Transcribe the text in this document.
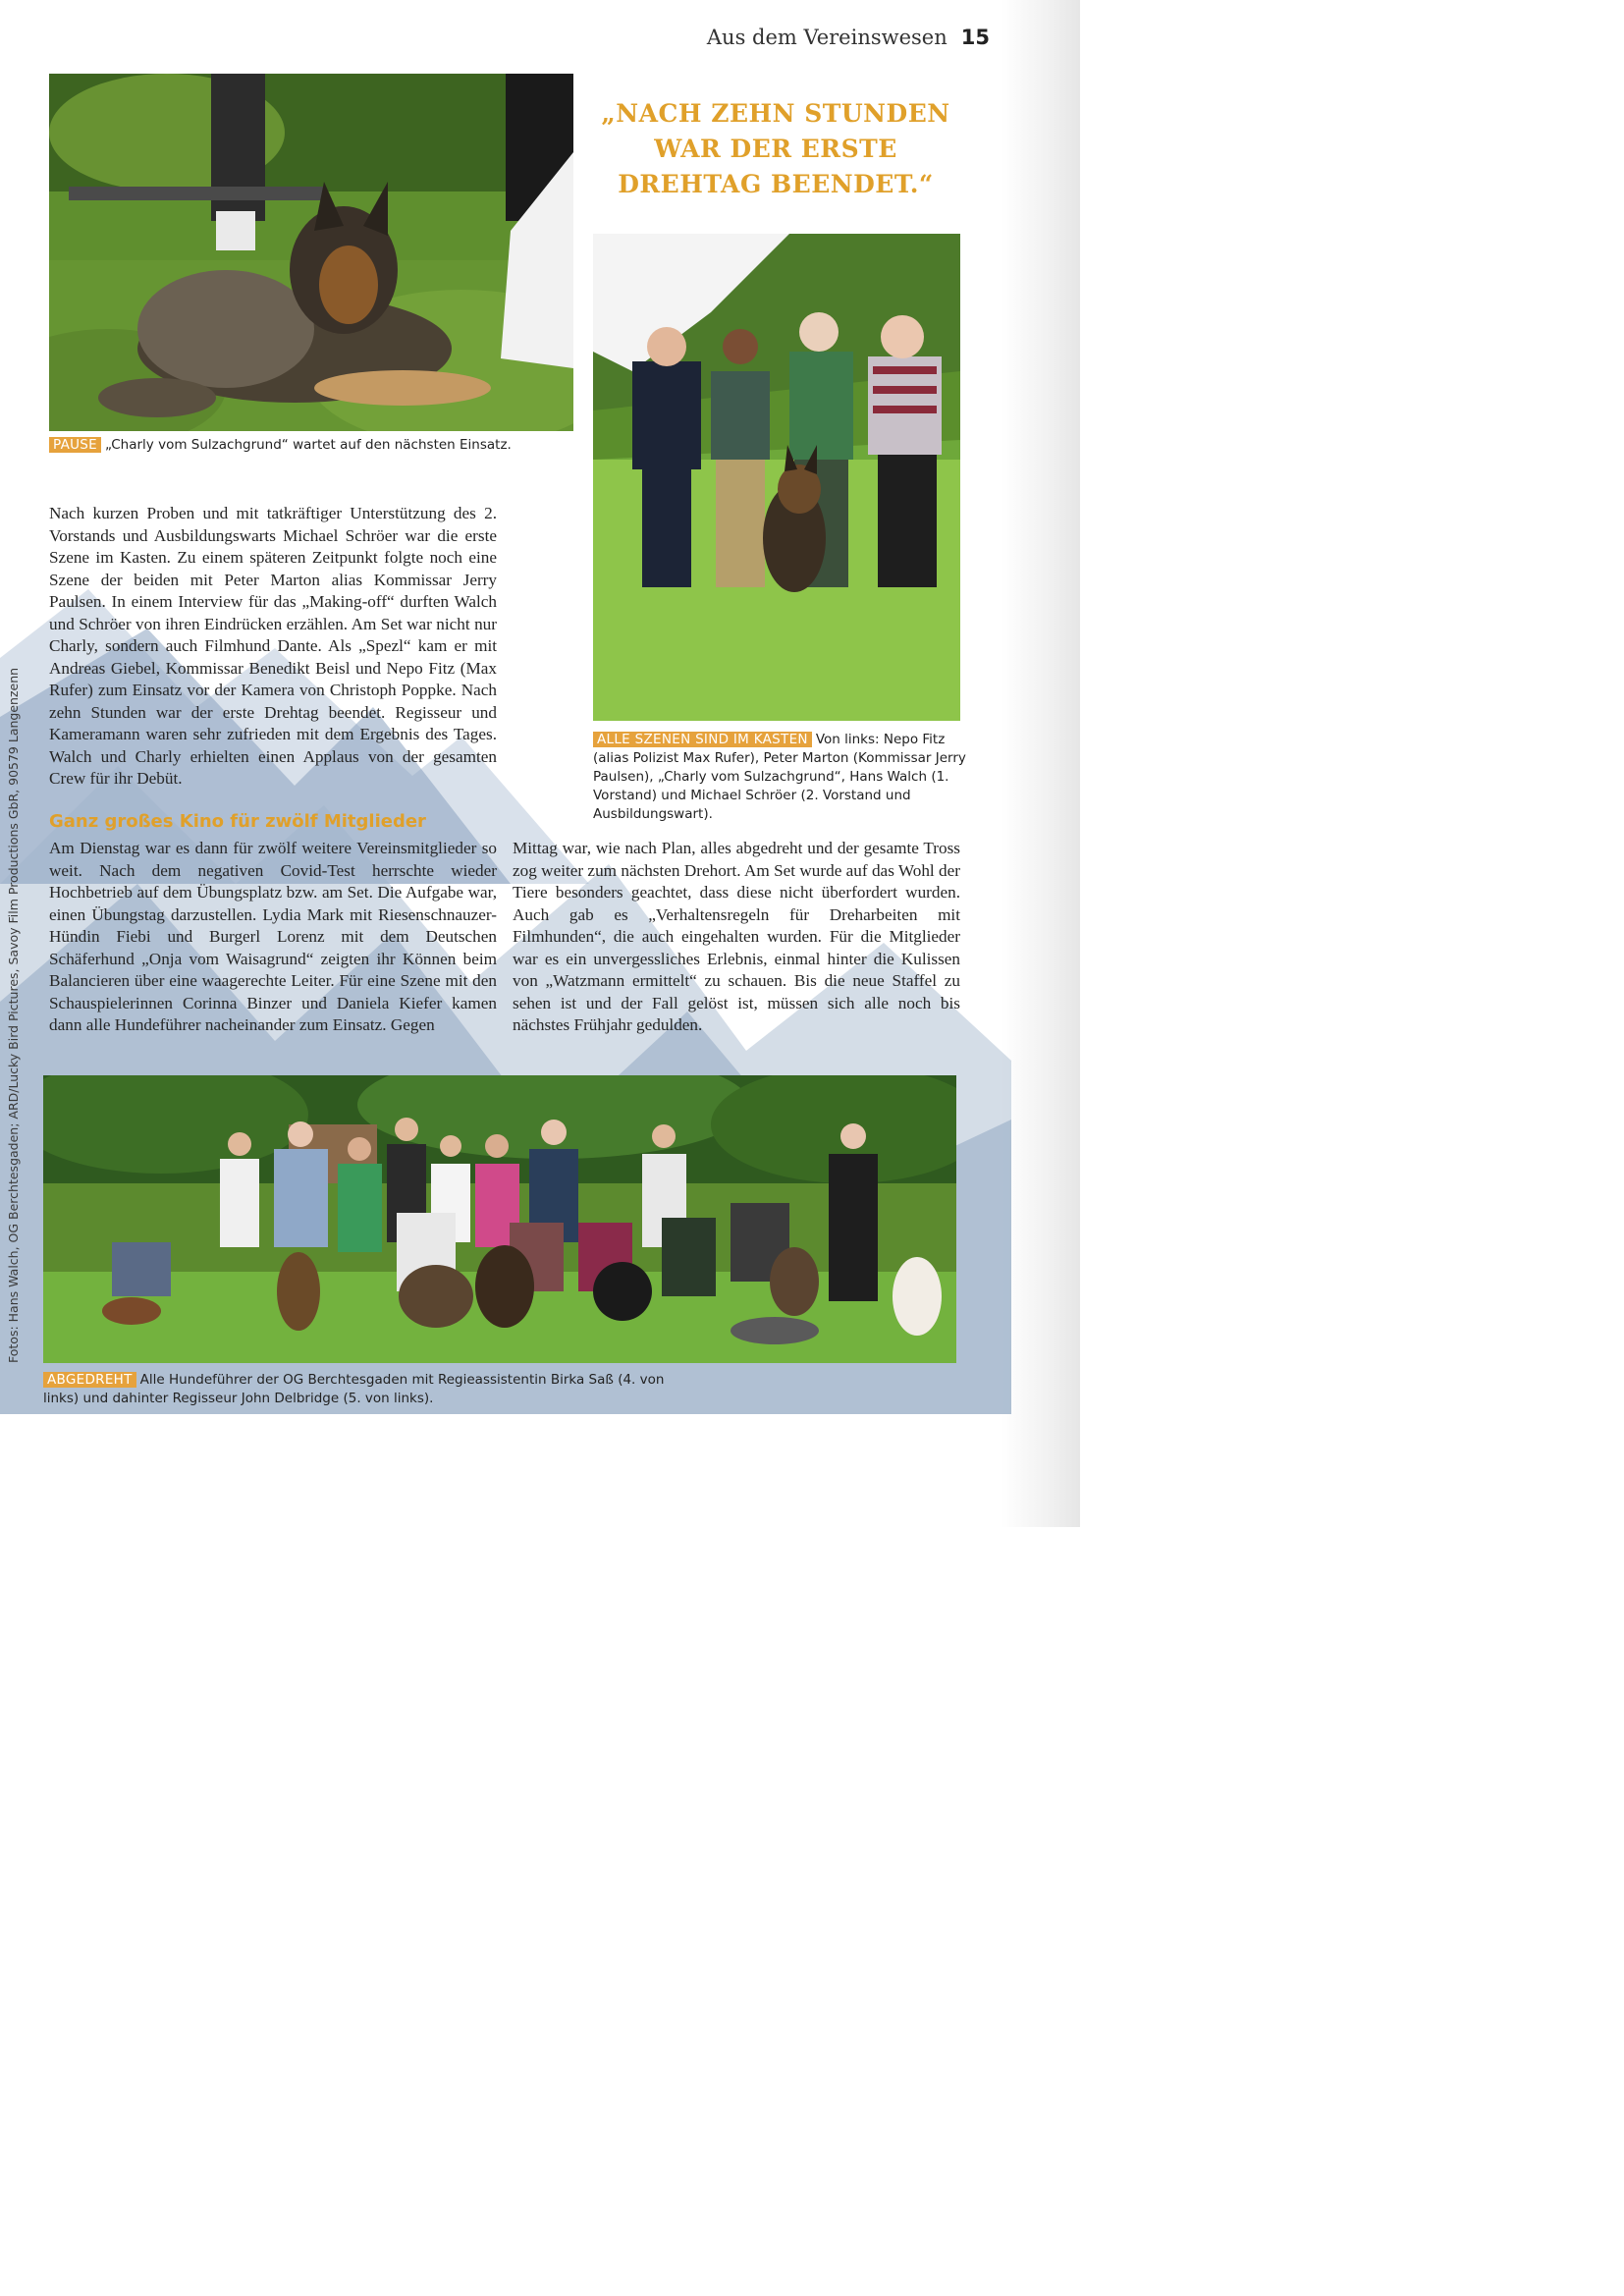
Aus dem Vereinswesen 15
PAUSE „Charly vom Sulzachgrund“ wartet auf den nächsten Einsatz.
„NACH ZEHN STUNDEN WAR DER ERSTE DREHTAG BEENDET.“
ALLE SZENEN SIND IM KASTEN Von links: Nepo Fitz (alias Polizist Max Rufer), Peter Marton (Kommissar Jerry Paulsen), „Charly vom Sulzachgrund“, Hans Walch (1. Vorstand) und Michael Schröer (2. Vorstand und Ausbildungswart).
Nach kurzen Proben und mit tatkräftiger Unterstützung des 2. Vorstands und Ausbildungswarts Michael Schröer war die erste Szene im Kasten. Zu einem späteren Zeitpunkt folgte noch eine Szene der beiden mit Peter Marton alias Kommissar Jerry Paulsen. In einem Interview für das „Making-off“ durften Walch und Schröer von ihren Eindrücken erzählen. Am Set war nicht nur Charly, sondern auch Filmhund Dante. Als „Spezl“ kam er mit Andreas Giebel, Kommissar Benedikt Beisl und Nepo Fitz (Max Rufer) zum Einsatz vor der Kamera von Christoph Poppke. Nach zehn Stunden war der erste Drehtag beendet. Regisseur und Kameramann waren sehr zufrieden mit dem Ergebnis des Tages. Walch und Charly erhielten einen Applaus von der gesamten Crew für ihr Debüt.
Ganz großes Kino für zwölf Mitglieder
Am Dienstag war es dann für zwölf weitere Vereinsmitglieder so weit. Nach dem negativen Covid-Test herrschte wieder Hochbetrieb auf dem Übungsplatz bzw. am Set. Die Aufgabe war, einen Übungstag darzustellen. Lydia Mark mit Riesenschnauzer-Hündin Fiebi und Burgerl Lorenz mit dem Deutschen Schäferhund „Onja vom Waisagrund“ zeigten ihr Können beim Balancieren über eine waagerechte Leiter. Für eine Szene mit den Schauspielerinnen Corinna Binzer und Daniela Kiefer kamen dann alle Hundeführer nacheinander zum Einsatz. Gegen
Mittag war, wie nach Plan, alles abgedreht und der gesamte Tross zog weiter zum nächsten Drehort. Am Set wurde auf das Wohl der Tiere besonders geachtet, dass diese nicht überfordert wurden. Auch gab es „Verhaltensregeln für Dreharbeiten mit Filmhunden“, die auch eingehalten wurden. Für die Mitglieder war es ein unvergessliches Erlebnis, einmal hinter die Kulissen von „Watzmann ermittelt“ zu schauen. Bis die neue Staffel zu sehen ist und der Fall gelöst ist, müssen sich alle noch bis nächstes Frühjahr gedulden.
ABGEDREHT Alle Hundeführer der OG Berchtesgaden mit Regieassistentin Birka Saß (4. von links) und dahinter Regisseur John Delbridge (5. von links).
Fotos: Hans Walch, OG Berchtesgaden; ARD/Lucky Bird Pictures, Savoy Film Productions GbR, 90579 Langenzenn
